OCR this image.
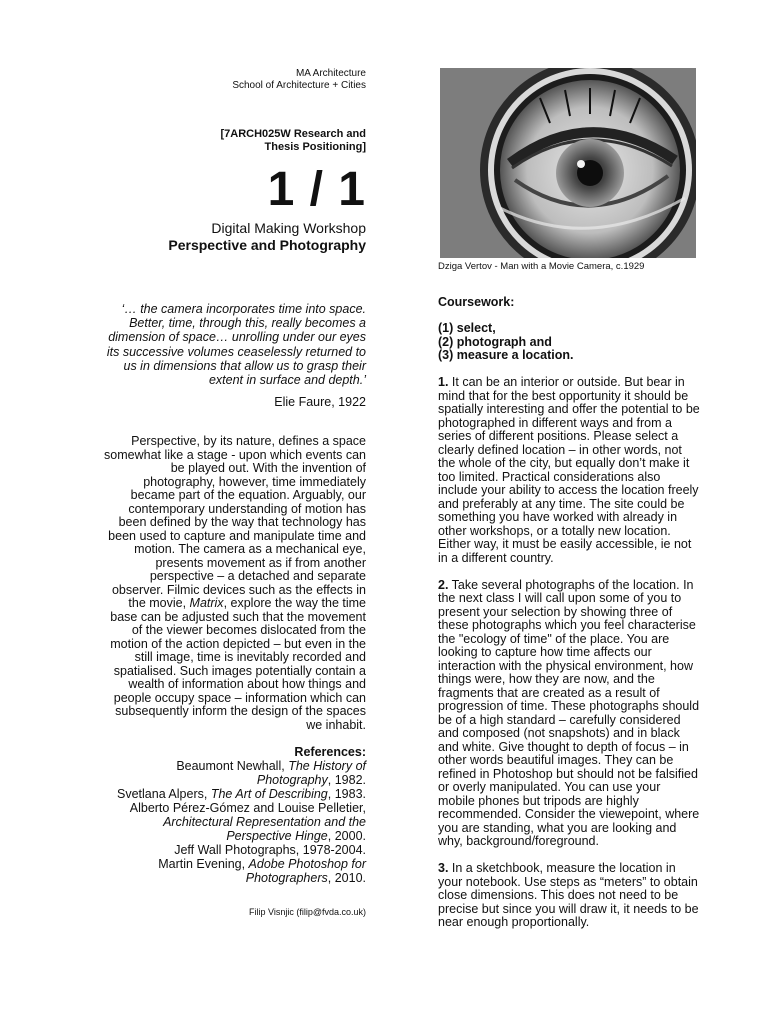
MA Architecture
School of Architecture + Cities
[7ARCH025W Research and
Thesis Positioning]
1 / 1
Digital Making Workshop
Perspective and Photography
‘… the camera incorporates time into space. Better, time, through this, really becomes a dimension of space… unrolling under our eyes its successive volumes ceaselessly returned to us in dimensions that allow us to grasp their extent in surface and depth.’
Elie Faure, 1922
Perspective, by its nature, defines a space somewhat like a stage - upon which events can be played out. With the invention of photography, however, time immediately became part of the equation. Arguably, our contemporary understanding of motion has been defined by the way that technology has been used to capture and manipulate time and motion. The camera as a mechanical eye, presents movement as if from another perspective – a detached and separate observer. Filmic devices such as the effects in the movie, Matrix, explore the way the time base can be adjusted such that the movement of the viewer becomes dislocated from the motion of the action depicted – but even in the still image, time is inevitably recorded and spatialised. Such images potentially contain a wealth of information about how things and people occupy space – information which can subsequently inform the design of the spaces we inhabit.
References:
Beaumont Newhall, The History of Photography, 1982.
Svetlana Alpers, The Art of Describing, 1983.
Alberto Pérez-Gómez and Louise Pelletier, Architectural Representation and the Perspective Hinge, 2000.
Jeff Wall Photographs, 1978-2004.
Martin Evening, Adobe Photoshop for Photographers, 2010.
Filip Visnjic (filip@fvda.co.uk)
Dziga Vertov - Man with a Movie Camera, c.1929
Coursework:
(1) select,
(2) photograph and
(3) measure a location.

1. It can be an interior or outside. But bear in mind that for the best opportunity it should be spatially interesting and offer the potential to be photographed in different ways and from a series of different positions. Please select a clearly defined location – in other words, not the whole of the city, but equally don’t make it too limited. Practical considerations also include your ability to access the location freely and preferably at any time. The site could be something you have worked with already in other workshops, or a totally new location. Either way, it must be easily accessible, ie not in a different country.

2. Take several photographs of the location. In the next class I will call upon some of you to present your selection by showing three of these photographs which you feel characterise the "ecology of time" of the place. You are looking to capture how time affects our interaction with the physical environment, how things were, how they are now, and the fragments that are created as a result of progression of time. These photographs should be of a high standard – carefully considered and composed (not snapshots) and in black and white. Give thought to depth of focus – in other words beautiful images. They can be refined in Photoshop but should not be falsified or overly manipulated. You can use your mobile phones but tripods are highly recommended. Consider the viewepoint, where you are standing, what you are looking and why, background/foreground.

3. In a sketchbook, measure the location in your notebook. Use steps as “meters” to obtain close dimensions. This does not need to be precise but since you will draw it, it needs to be near enough proportionally.
